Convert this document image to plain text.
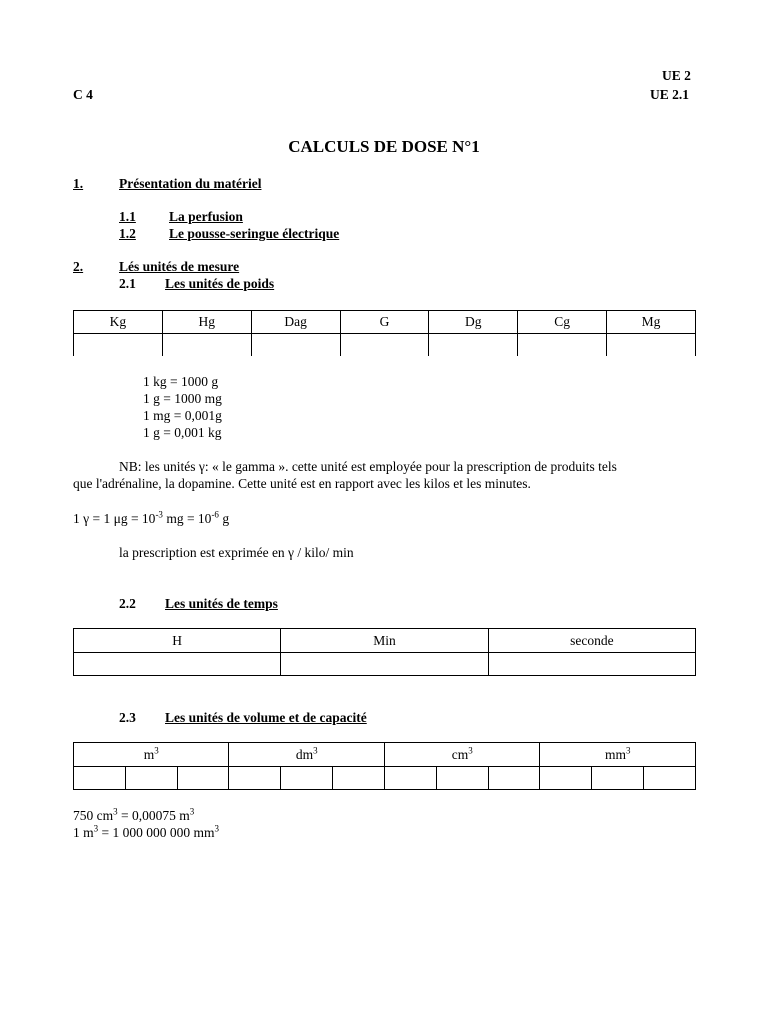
UE 2
C 4	UE 2.1
CALCULS DE DOSE N°1
1.	Présentation du matériel
1.1 La perfusion
1.2 Le pousse-seringue électrique
2.	Lés unités de mesure
2.1 Les unités de poids
Kg	Hg	Dag	G	Dg	Cg	Mg

1 kg = 1000 g
1 g = 1000 mg
1 mg = 0,001g
1 g = 0,001 kg
NB: les unités γ: « le gamma ». cette unité est employée pour la prescription de produits tels
que l'adrénaline, la dopamine. Cette unité est en rapport avec les kilos et les minutes.
1 γ = 1 $\mu g = 10^{-3}$ mg = $10^{-6}$ g
la prescription est exprimée en γ / kilo/ min
2.2 Les unités de temps
H	Min	seconde

2.3 Les unités de volume et de capacité
$m^3$			$dm^3$			$cm^3$			$mm^3$

750 $cm^3 = 0,00075$ $m^3$
1 $m^3 = 1$ 000 000 000 $mm^3$
